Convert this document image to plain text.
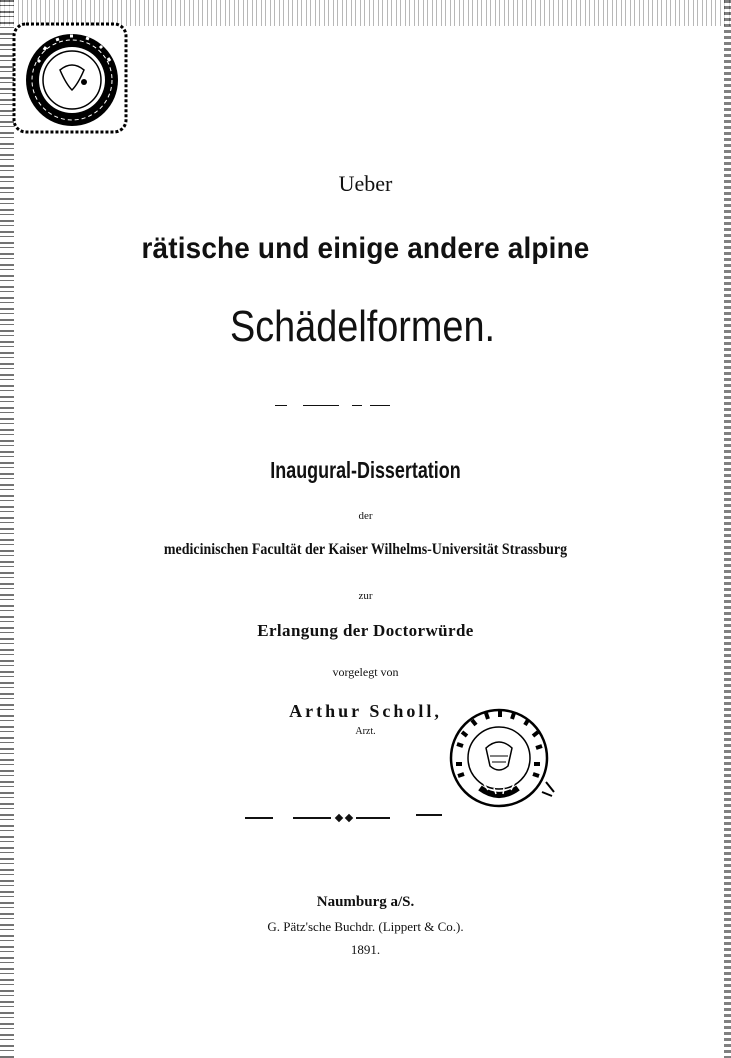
Ueber
rätische und einige andere alpine
Schädelformen.
Inaugural-Dissertation
der
medicinischen Facultät der Kaiser Wilhelms-Universität Strassburg
zur
Erlangung der Doctorwürde
vorgelegt von
Arthur Scholl,
Arzt.
Naumburg a/S.
G. Pätz'sche Buchdr. (Lippert & Co.).
1891.
